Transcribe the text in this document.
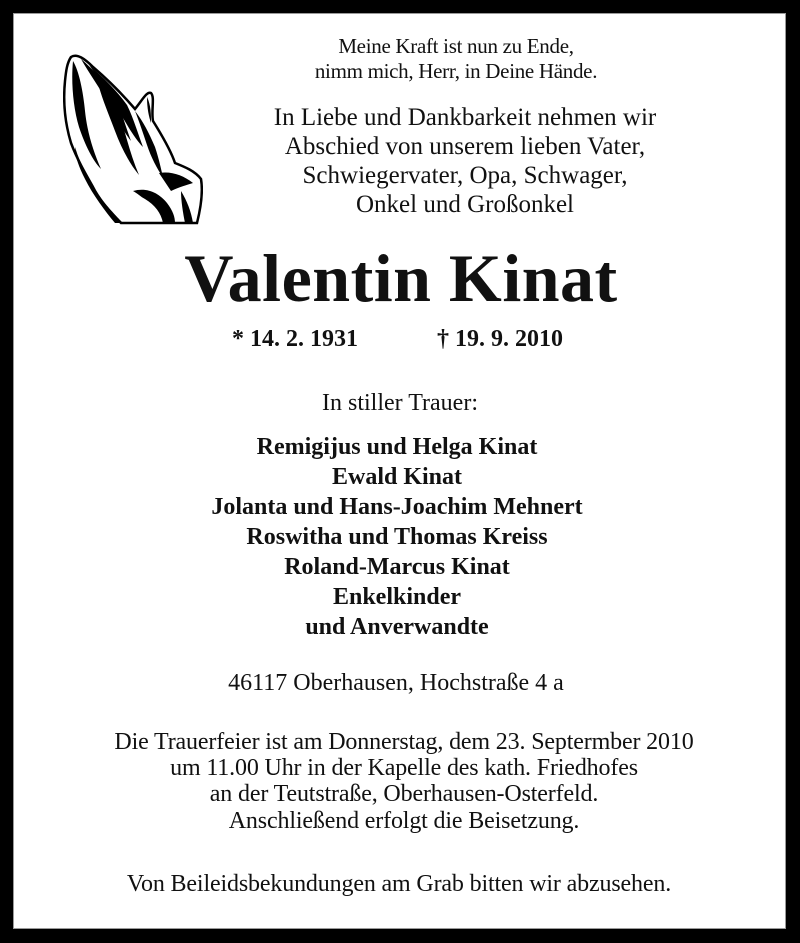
Meine Kraft ist nun zu Ende,
nimm mich, Herr, in Deine Hände.
In Liebe und Dankbarkeit nehmen wir
Abschied von unserem lieben Vater,
Schwiegervater, Opa, Schwager,
Onkel und Großonkel
Valentin Kinat
* 14. 2. 1931	† 19. 9. 2010
In stiller Trauer:
Remigijus und Helga Kinat
Ewald Kinat
Jolanta und Hans-Joachim Mehnert
Roswitha und Thomas Kreiss
Roland-Marcus Kinat
Enkelkinder
und Anverwandte
46117 Oberhausen, Hochstraße 4 a
Die Trauerfeier ist am Donnerstag, dem 23. Septermber 2010
um 11.00 Uhr in der Kapelle des kath. Friedhofes
an der Teutstraße, Oberhausen-Osterfeld.
Anschließend erfolgt die Beisetzung.
Von Beileidsbekundungen am Grab bitten wir abzusehen.
